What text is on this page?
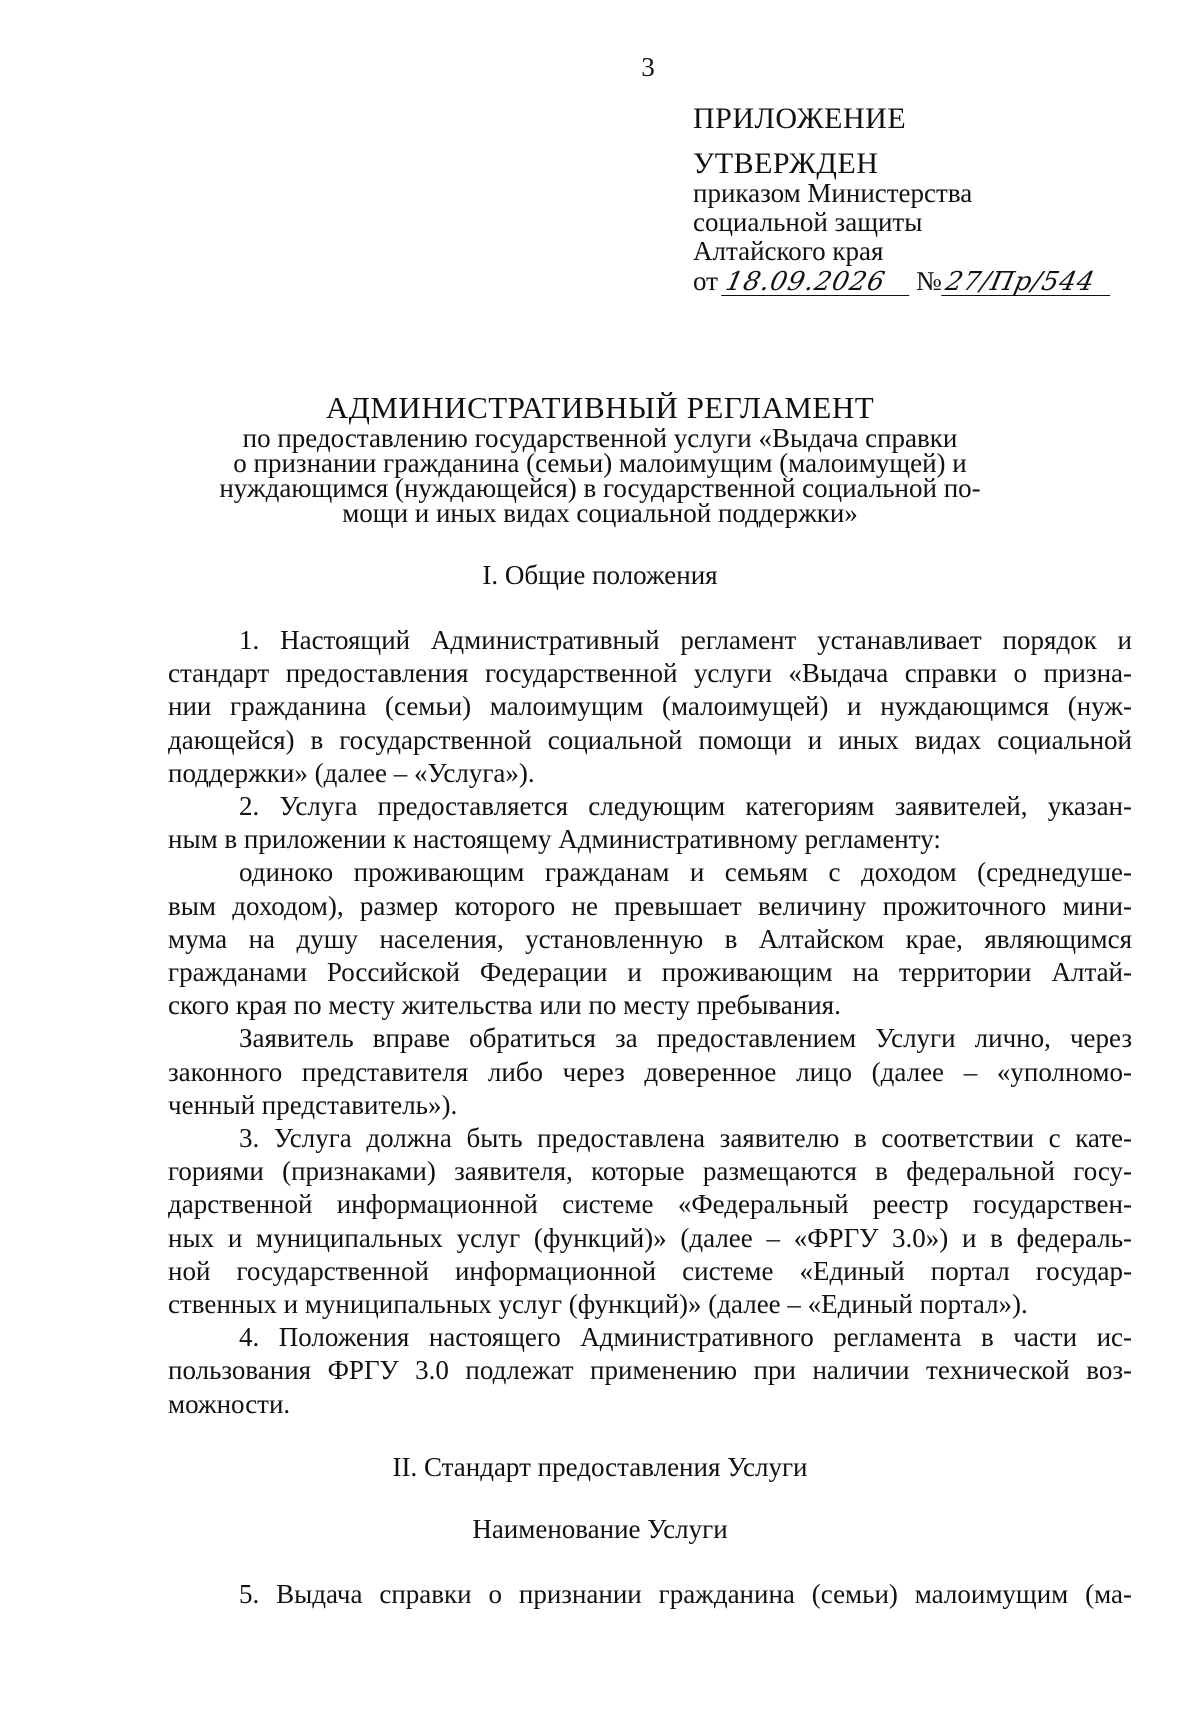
3
ПРИЛОЖЕНИЕ
УТВЕРЖДЕН
приказом Министерства
социальной защиты
Алтайского края
от 18.09.2026	№ 27/Пр/544
АДМИНИСТРАТИВНЫЙ РЕГЛАМЕНТ
по предоставлению государственной услуги «Выдача справки
о признании гражданина (семьи) малоимущим (малоимущей) и
нуждающимся (нуждающейся) в государственной социальной по-
мощи и иных видах социальной поддержки»
I. Общие положения
1. Настоящий Административный регламент устанавливает порядок и
стандарт предоставления государственной услуги «Выдача справки о призна-
нии гражданина (семьи) малоимущим (малоимущей) и нуждающимся (нуж-
дающейся) в государственной социальной помощи и иных видах социальной
поддержки» (далее – «Услуга»).
2. Услуга предоставляется следующим категориям заявителей, указан-
ным в приложении к настоящему Административному регламенту:
одиноко проживающим гражданам и семьям с доходом (среднедуше-
вым доходом), размер которого не превышает величину прожиточного мини-
мума на душу населения, установленную в Алтайском крае, являющимся
гражданами Российской Федерации и проживающим на территории Алтай-
ского края по месту жительства или по месту пребывания.
Заявитель вправе обратиться за предоставлением Услуги лично, через
законного представителя либо через доверенное лицо (далее – «уполномо-
ченный представитель»).
3. Услуга должна быть предоставлена заявителю в соответствии с кате-
гориями (признаками) заявителя, которые размещаются в федеральной госу-
дарственной информационной системе «Федеральный реестр государствен-
ных и муниципальных услуг (функций)» (далее – «ФРГУ 3.0») и в федераль-
ной государственной информационной системе «Единый портал государ-
ственных и муниципальных услуг (функций)» (далее – «Единый портал»).
4. Положения настоящего Административного регламента в части ис-
пользования ФРГУ 3.0 подлежат применению при наличии технической воз-
можности.
II. Стандарт предоставления Услуги
Наименование Услуги
5. Выдача справки о признании гражданина (семьи) малоимущим (ма-
